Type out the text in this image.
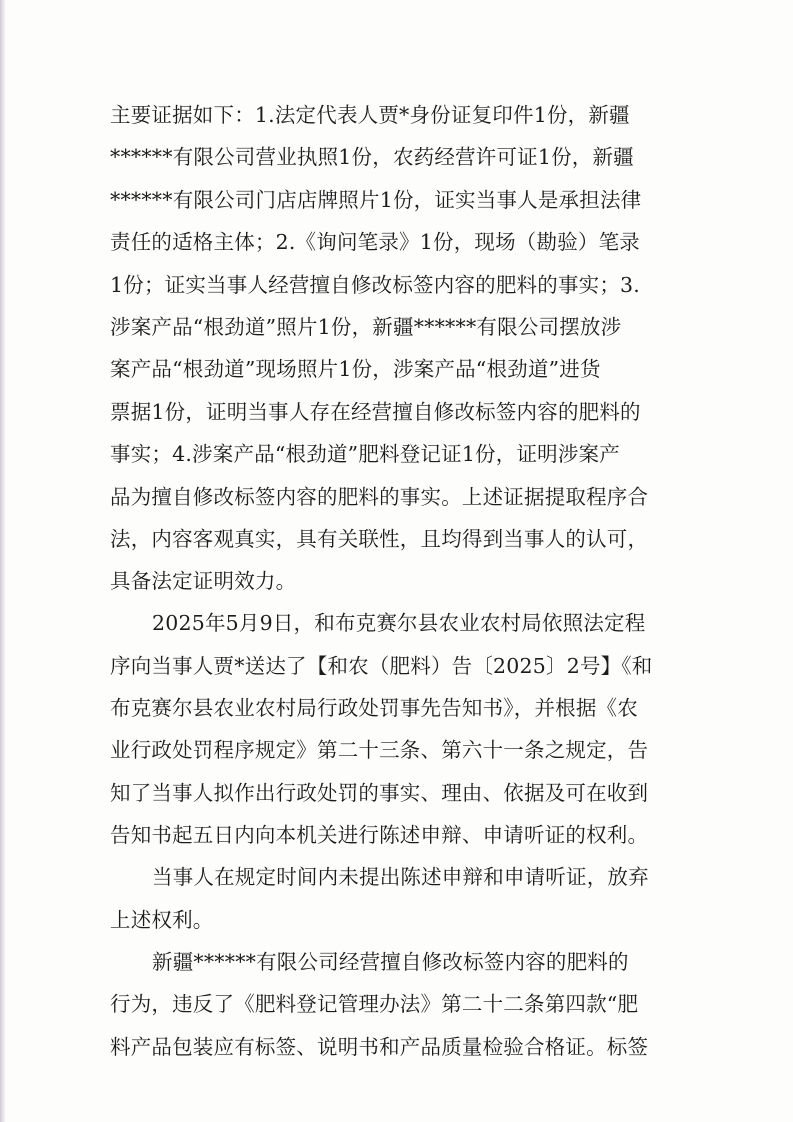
主要证据如下：1.法定代表人贾*身份证复印件1份，新疆
******有限公司营业执照1份，农药经营许可证1份，新疆
******有限公司门店店牌照片1份，证实当事人是承担法律
责任的适格主体；2.《询问笔录》1份，现场（勘验）笔录
1份；证实当事人经营擅自修改标签内容的肥料的事实；3.
涉案产品“根劲道”照片1份，新疆******有限公司摆放涉
案产品“根劲道”现场照片1份，涉案产品“根劲道”进货
票据1份，证明当事人存在经营擅自修改标签内容的肥料的
事实；4.涉案产品“根劲道”肥料登记证1份，证明涉案产
品为擅自修改标签内容的肥料的事实。上述证据提取程序合
法，内容客观真实，具有关联性，且均得到当事人的认可，
具备法定证明效力。
2025年5月9日，和布克赛尔县农业农村局依照法定程
序向当事人贾*送达了【和农（肥料）告〔2025〕2号】《和
布克赛尔县农业农村局行政处罚事先告知书》，并根据《农
业行政处罚程序规定》第二十三条、第六十一条之规定，告
知了当事人拟作出行政处罚的事实、理由、依据及可在收到
告知书起五日内向本机关进行陈述申辩、申请听证的权利。
当事人在规定时间内未提出陈述申辩和申请听证，放弃
上述权利。
新疆******有限公司经营擅自修改标签内容的肥料的
行为，违反了《肥料登记管理办法》第二十二条第四款“肥
料产品包装应有标签、说明书和产品质量检验合格证。标签
